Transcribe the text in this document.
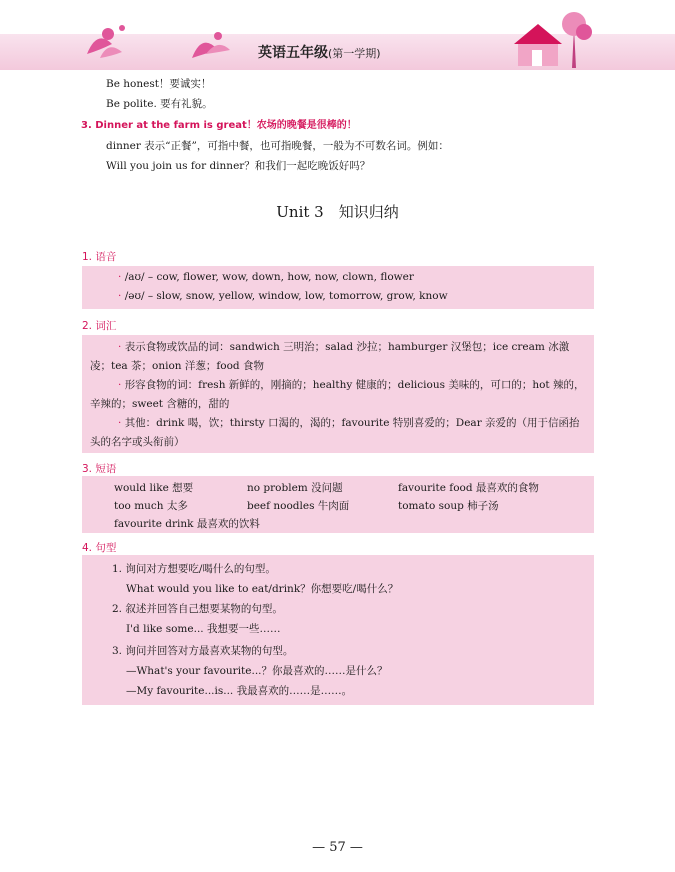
英语五年级(第一学期)
Be honest！要诚实！
Be polite. 要有礼貌。
3. Dinner at the farm is great！农场的晚餐是很棒的！
dinner 表示“正餐”，可指中餐，也可指晚餐，一般为不可数名词。例如：
Will you join us for dinner？和我们一起吃晚饭好吗？
Unit 3　知识归纳
1. 语音
· /aʊ/ – cow, flower, wow, down, how, now, clown, flower
· /əʊ/ – slow, snow, yellow, window, low, tomorrow, grow, know
2. 词汇
· 表示食物或饮品的词：sandwich 三明治；salad 沙拉；hamburger 汉堡包；ice cream 冰激凌；tea 茶；onion 洋葱；food 食物
· 形容食物的词：fresh 新鲜的，刚摘的；healthy 健康的；delicious 美味的，可口的；hot 辣的，辛辣的；sweet 含糖的，甜的
· 其他：drink 喝，饮；thirsty 口渴的，渴的；favourite 特别喜爱的；Dear 亲爱的（用于信函抬头的名字或头衔前）
3. 短语
would like 想要	no problem 没问题	favourite food 最喜欢的食物
too much 太多	beef noodles 牛肉面	tomato soup 柿子汤
favourite drink 最喜欢的饮料
4. 句型
1. 询问对方想要吃/喝什么的句型。
What would you like to eat/drink？你想要吃/喝什么？
2. 叙述并回答自己想要某物的句型。
I'd like some... 我想要一些……
3. 询问并回答对方最喜欢某物的句型。
—What's your favourite...？你最喜欢的……是什么？
—My favourite...is... 我最喜欢的……是……。
— 57 —
